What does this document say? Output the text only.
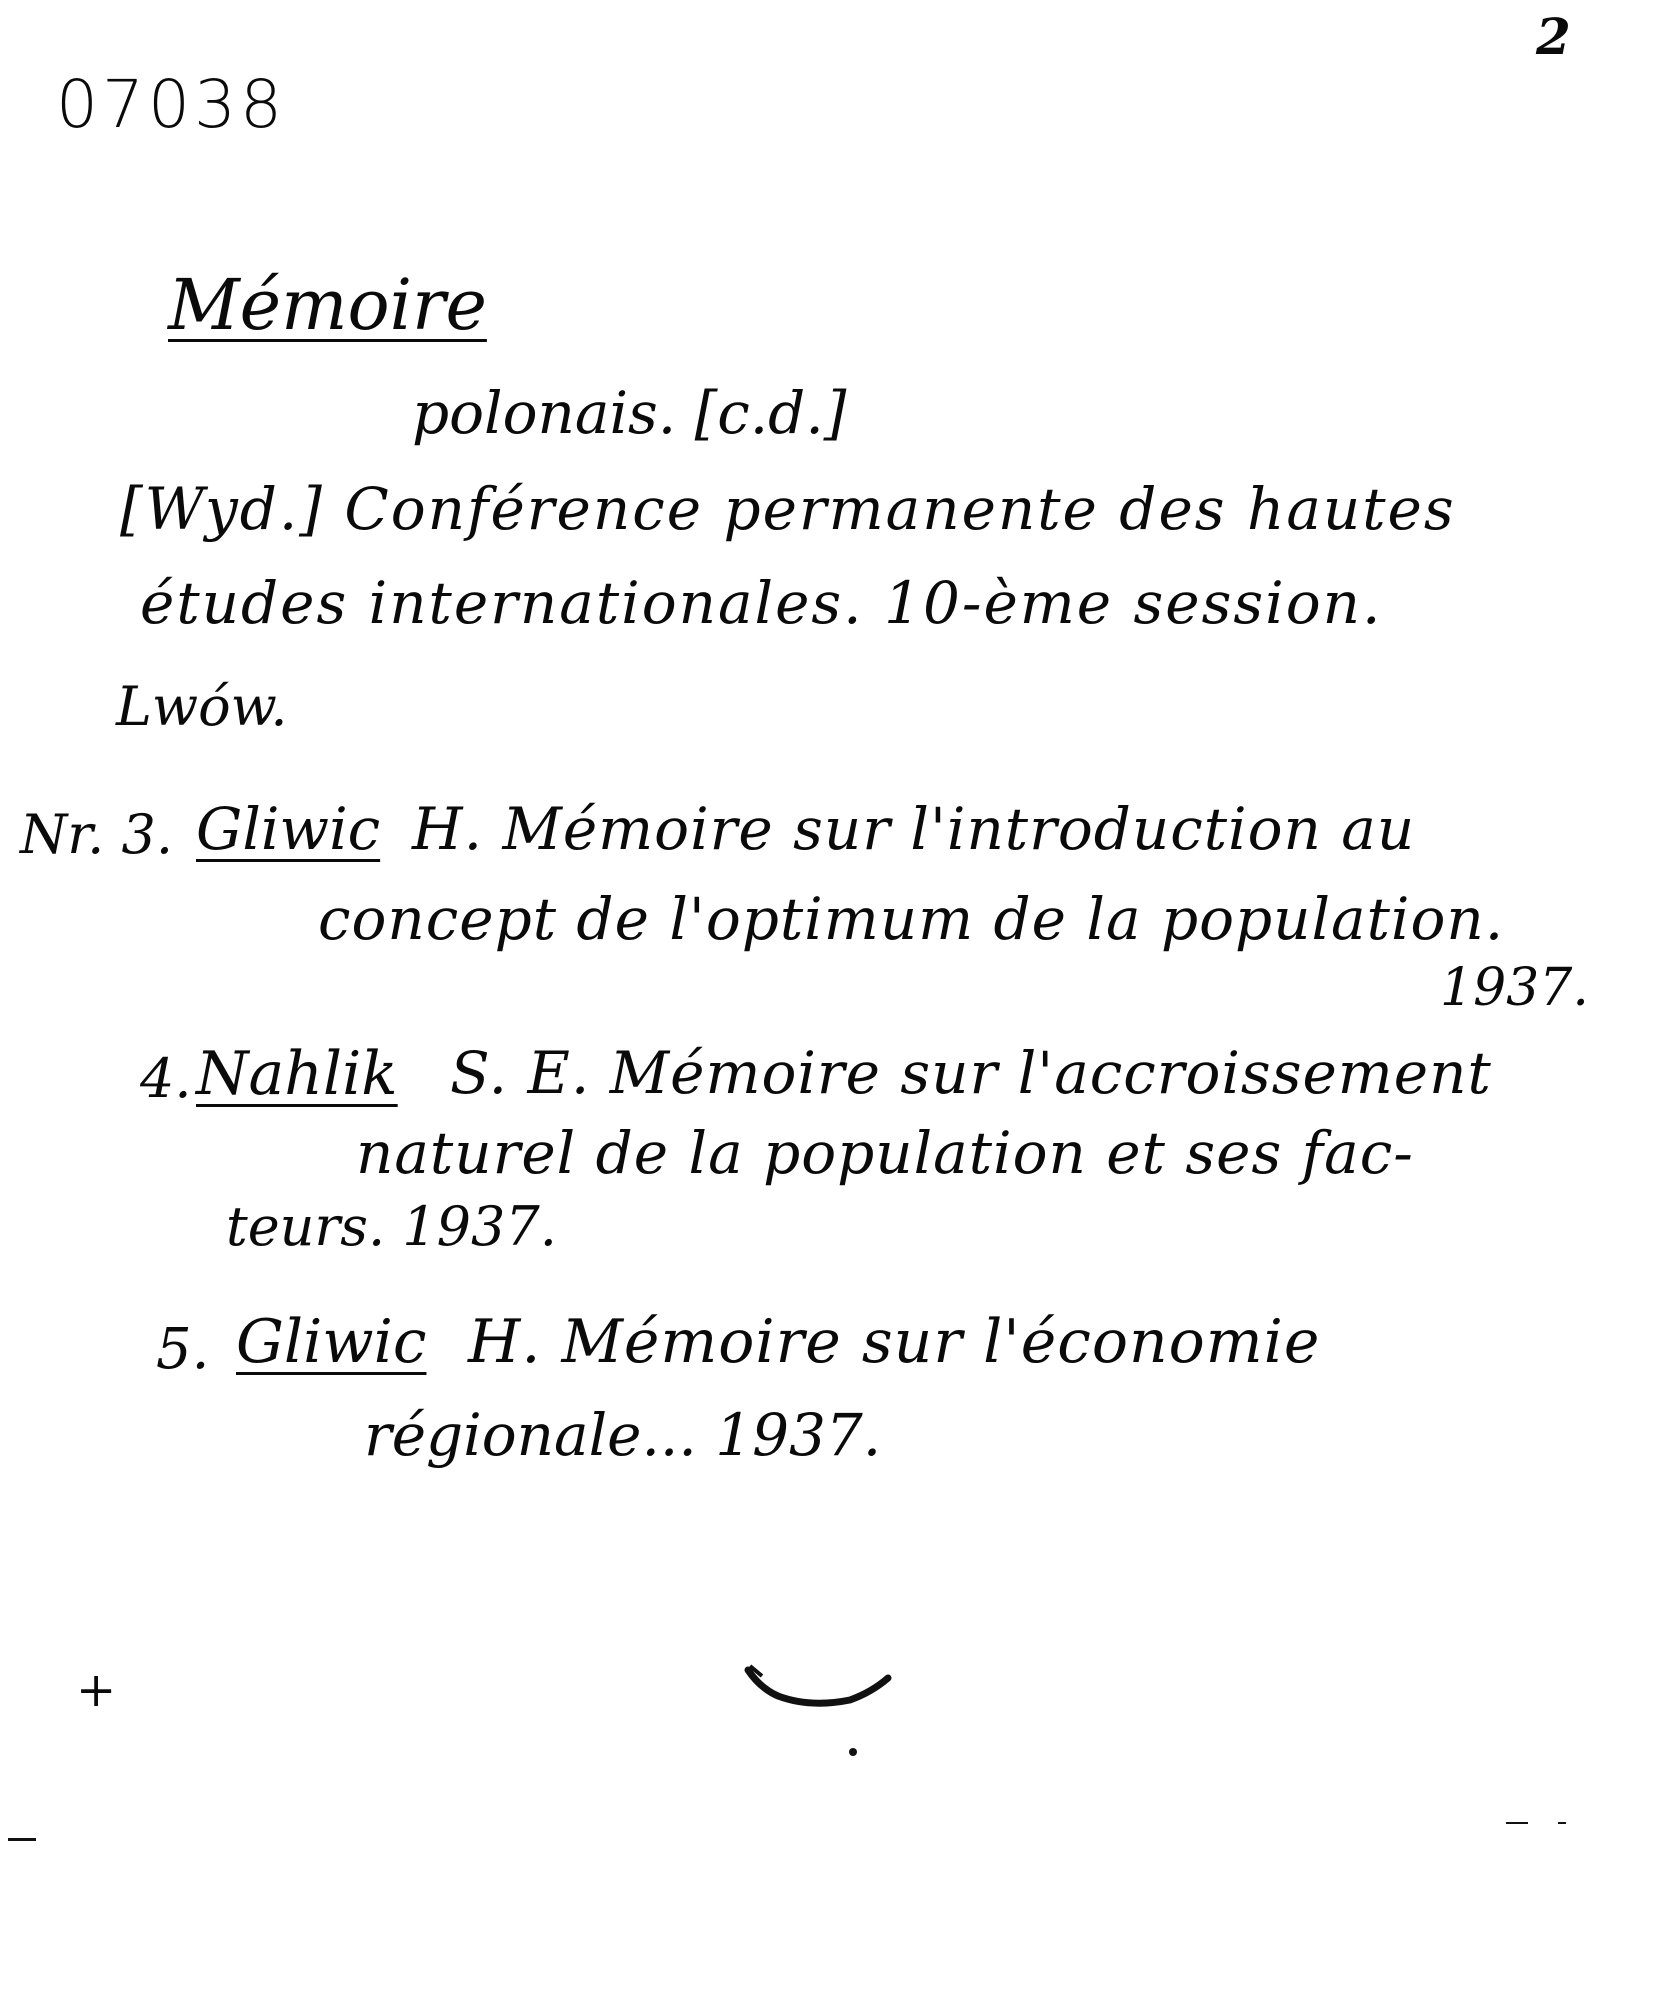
07038
2
Mémoire
polonais. [c.d.]
[Wyd.] Conférence permanente des hautes
études internationales. 10-ème session.
Lwów.
Nr. 3. Gliwic H. Mémoire sur l'introduction au
concept de l'optimum de la population.
1937.
4. Nahlik S. E. Mémoire sur l'accroissement
naturel de la population et ses fac-
teurs. 1937.
5. Gliwic H. Mémoire sur l'économie
régionale... 1937.
+
